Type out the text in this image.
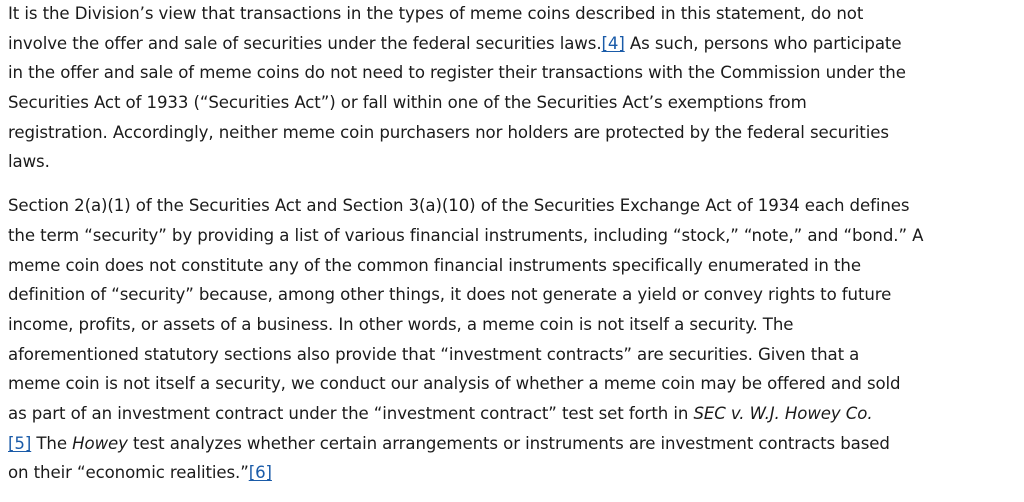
It is the Division’s view that transactions in the types of meme coins described in this statement, do not
involve the offer and sale of securities under the federal securities laws.[4] As such, persons who participate
in the offer and sale of meme coins do not need to register their transactions with the Commission under the
Securities Act of 1933 (“Securities Act”) or fall within one of the Securities Act’s exemptions from
registration. Accordingly, neither meme coin purchasers nor holders are protected by the federal securities
laws.
Section 2(a)(1) of the Securities Act and Section 3(a)(10) of the Securities Exchange Act of 1934 each defines
the term “security” by providing a list of various financial instruments, including “stock,” “note,” and “bond.” A
meme coin does not constitute any of the common financial instruments specifically enumerated in the
definition of “security” because, among other things, it does not generate a yield or convey rights to future
income, profits, or assets of a business. In other words, a meme coin is not itself a security. The
aforementioned statutory sections also provide that “investment contracts” are securities. Given that a
meme coin is not itself a security, we conduct our analysis of whether a meme coin may be offered and sold
as part of an investment contract under the “investment contract” test set forth in SEC v. W.J. Howey Co.
[5] The Howey test analyzes whether certain arrangements or instruments are investment contracts based
on their “economic realities.”[6]
